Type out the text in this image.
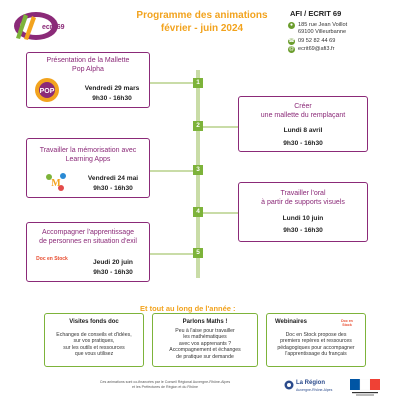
ecrit69
Programme des animations
février - juin 2024
AFI / ECRIT 69
● 185 rue Jean Voillot
69100 Villeurbanne
☎ 09 52 82 44 69
@ ecrit69@afi3.fr
1
2
3
4
5
Présentation de la Mallette
Pop Alpha
POP	Vendredi 29 mars
9h30 - 16h30
Créer
une mallette du remplaçant
Lundi 8 avril
9h30 - 16h30
Travailler la mémorisation avec
Learning Apps
M	Vendredi 24 mai
9h30 - 16h30
Travailler l'oral
à partir de supports visuels
Lundi 10 juin
9h30 - 16h30
Accompagner l'apprentissage
de personnes en situation d'exil
Doc en Stock	Jeudi 20 juin
9h30 - 16h30
Et tout au long de l'année :
Visites fonds doc
Echanges de conseils et d'idées,
sur vos pratiques,
sur les outils et ressources
que vous utilisez
Parlons Maths !
Peu à l'aise pour travailler
les mathématiques
avec vos apprenants ?
Accompagnement et échanges
de pratique sur demande
Webinaires	Doc en Stock
Doc en Stock propose des
premiers repères et ressources
pédagogiques pour accompagner
l'apprentissage du français
Ces animations sont co-financées par le Conseil Régional Auvergne-Rhône-Alpes
et les Préfectures de Région et du Rhône
La Région
Auvergne-Rhône-Alpes
